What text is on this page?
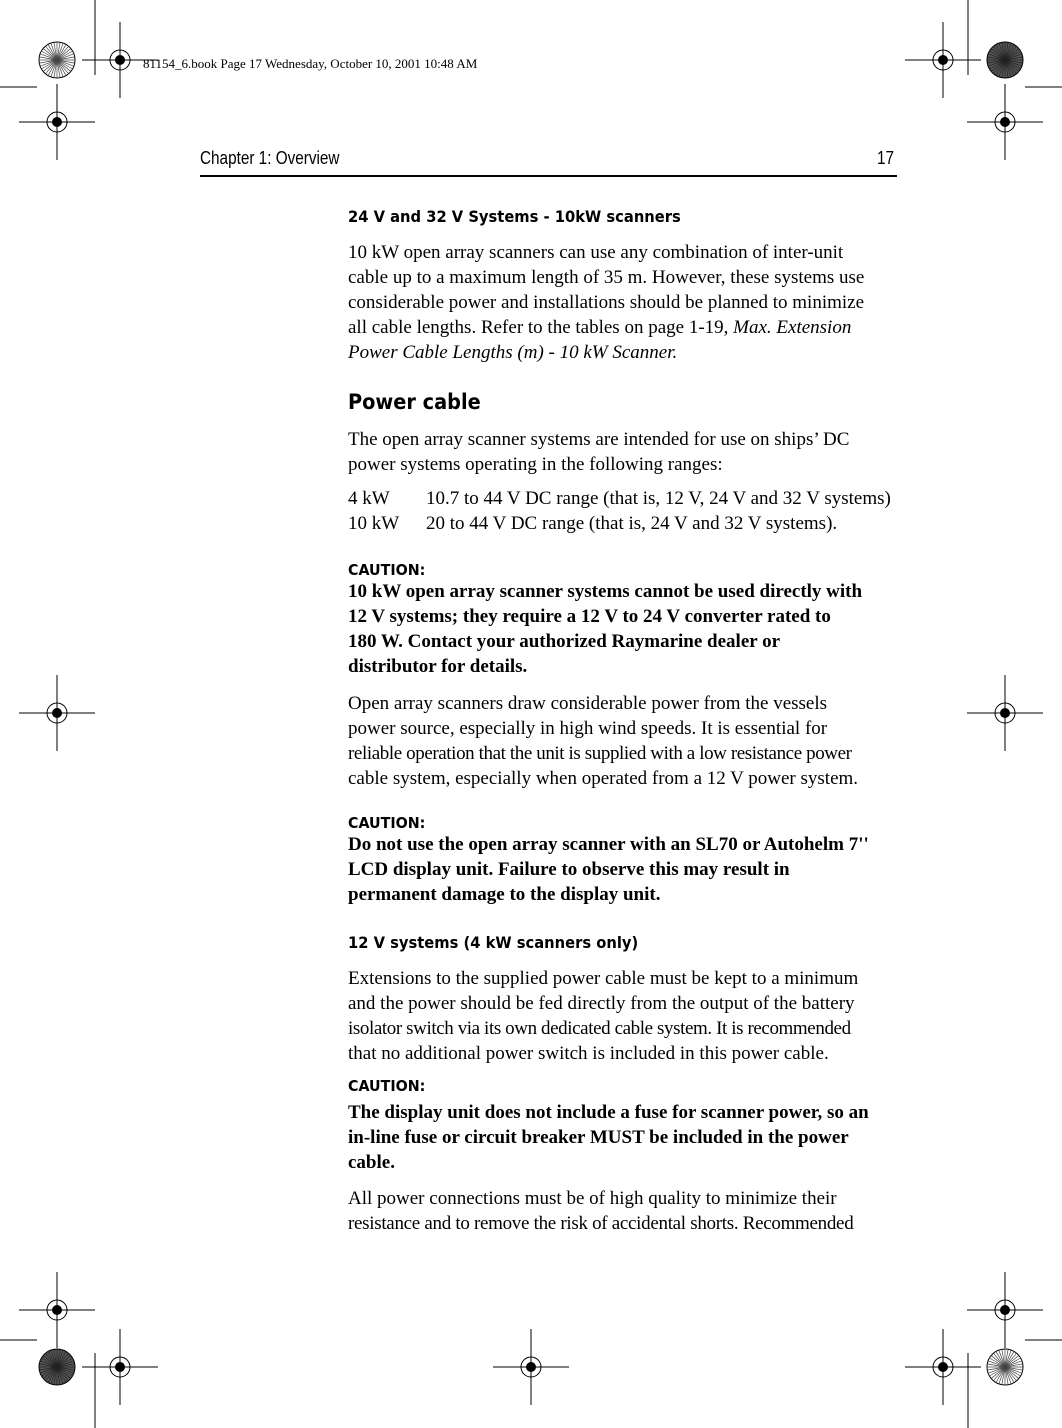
81154_6.book Page 17 Wednesday, October 10, 2001 10:48 AM
Chapter 1: Overview	17
24 V and 32 V Systems - 10kW scanners
10 kW open array scanners can use any combination of inter-unit
cable up to a maximum length of 35 m. However, these systems use
considerable power and installations should be planned to minimize
all cable lengths. Refer to the tables on page 1-19, Max. Extension
Power Cable Lengths (m) - 10 kW Scanner.
Power cable
The open array scanner systems are intended for use on ships’ DC
power systems operating in the following ranges:
4 kW	10.7 to 44 V DC range (that is, 12 V, 24 V and 32 V systems)
10 kW	20 to 44 V DC range (that is, 24 V and 32 V systems).
CAUTION:
10 kW open array scanner systems cannot be used directly with
12 V systems; they require a 12 V to 24 V converter rated to
180 W. Contact your authorized Raymarine dealer or
distributor for details.
Open array scanners draw considerable power from the vessels
power source, especially in high wind speeds. It is essential for
reliable operation that the unit is supplied with a low resistance power
cable system, especially when operated from a 12 V power system.
CAUTION:
Do not use the open array scanner with an SL70 or Autohelm 7''
LCD display unit. Failure to observe this may result in
permanent damage to the display unit.
12 V systems (4 kW scanners only)
Extensions to the supplied power cable must be kept to a minimum
and the power should be fed directly from the output of the battery
isolator switch via its own dedicated cable system. It is recommended
that no additional power switch is included in this power cable.
CAUTION:
The display unit does not include a fuse for scanner power, so an
in-line fuse or circuit breaker MUST be included in the power
cable.
All power connections must be of high quality to minimize their
resistance and to remove the risk of accidental shorts. Recommended
